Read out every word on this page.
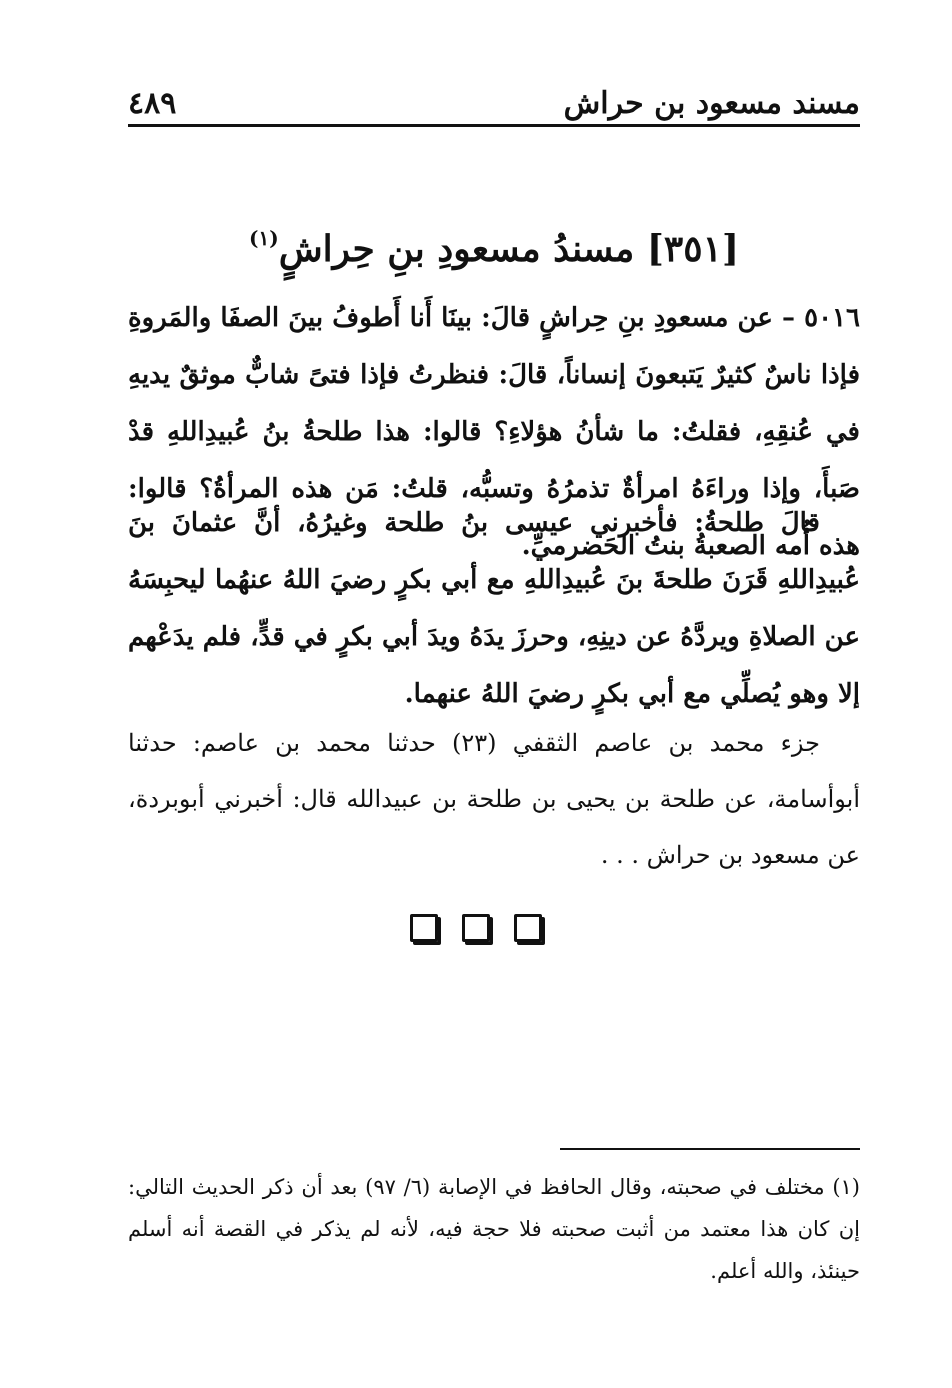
مسند مسعود بن حراش
٤٨٩
[٣٥١] مسندُ مسعودِ بنِ حِراشٍ$^{(١)}$
٥٠١٦ – عن مسعودِ بنِ حِراشٍ قالَ: بينَا أَنا أَطوفُ بينَ الصفَا والمَروةِ فإذا ناسٌ كثيرٌ يَتبعونَ إنساناً، قالَ: فنظرتُ فإذا فتىً شابٌّ موثقٌ يديهِ في عُنقِهِ، فقلتُ: ما شأنُ هؤلاءِ؟ قالوا: هذا طلحةُ بنُ عُبيدِاللهِ قدْ صَبأَ، وإذا وراءَهُ امرأةٌ تذمرُهُ وتسبُّه، قلتُ: مَن هذه المرأةُ؟ قالوا: هذه أُمه الصعبةُ بنتُ الحَضرميِّ.
قالَ طلحةُ: فأخبرني عيسى بنُ طلحة وغيرُهُ، أنَّ عثمانَ بنَ عُبيدِاللهِ قَرَنَ طلحةَ بنَ عُبيدِاللهِ مع أبي بكرٍ رضيَ اللهُ عنهُما ليحبِسَهُ عن الصلاةِ ويردَّهُ عن دينِهِ، وحرزَ يدَهُ ويدَ أبي بكرٍ في قدٍّ، فلم يدَعْهم إلا وهو يُصلِّي مع أبي بكرٍ رضيَ اللهُ عنهما.
جزء محمد بن عاصم الثقفي (٢٣) حدثنا محمد بن عاصم: حدثنا أبوأسامة، عن طلحة بن يحيى بن طلحة بن عبيدالله قال: أخبرني أبوبردة، عن مسعود بن حراش . . .
(١) مختلف في صحبته، وقال الحافظ في الإصابة (٦/ ٩٧) بعد أن ذكر الحديث التالي: إن كان هذا معتمد من أثبت صحبته فلا حجة فيه، لأنه لم يذكر في القصة أنه أسلم حينئذ، والله أعلم.
